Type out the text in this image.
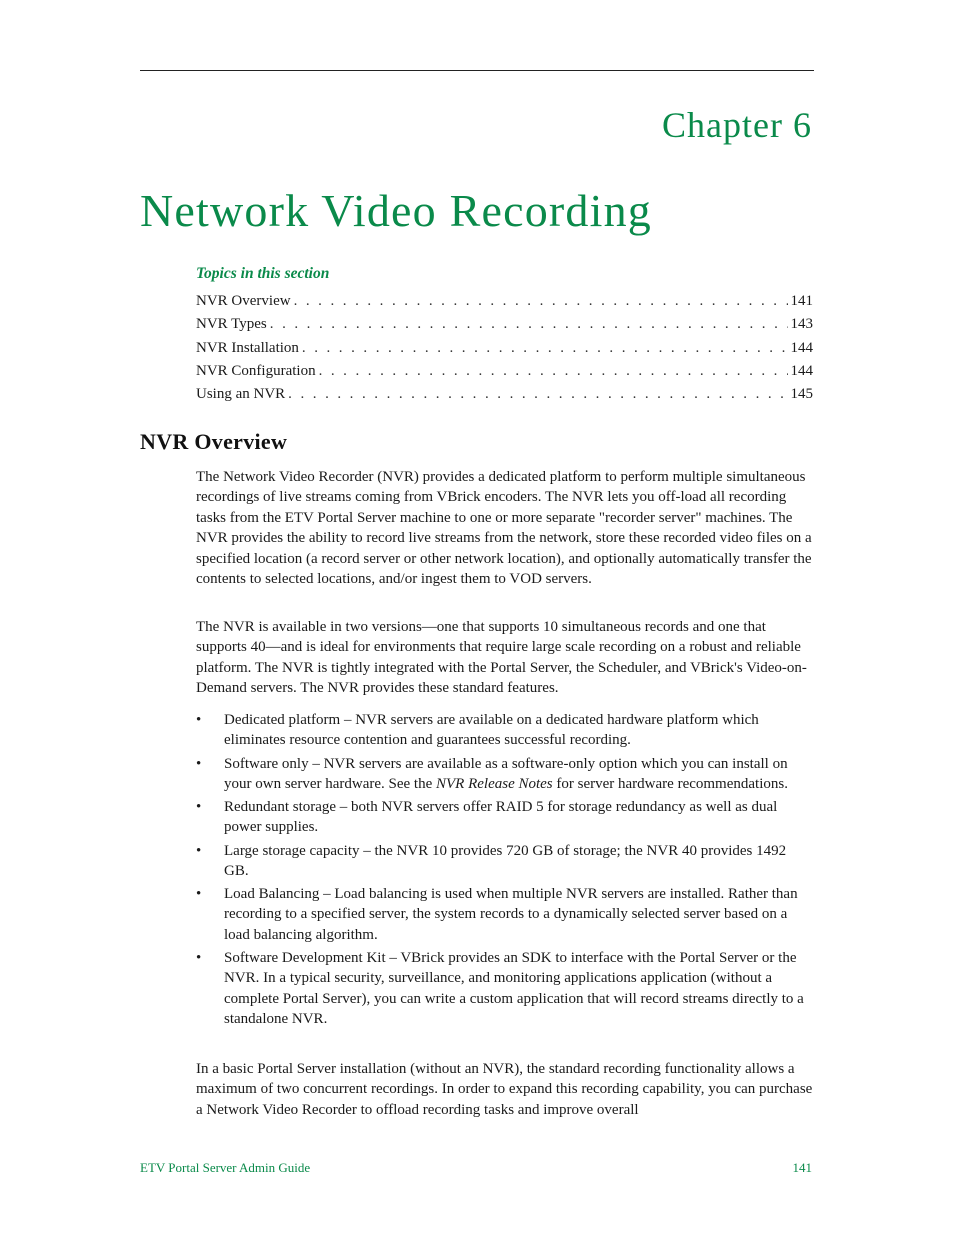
Chapter 6
Network Video Recording
Topics in this section
NVR Overview . . .	141
NVR Types . . .	143
NVR Installation . . .	144
NVR Configuration . . .	144
Using an NVR . . .	145
NVR Overview

The Network Video Recorder (NVR) provides a dedicated platform to perform multiple simultaneous recordings of live streams coming from VBrick encoders. The NVR lets you off-load all recording tasks from the ETV Portal Server machine to one or more separate "recorder server" machines. The NVR provides the ability to record live streams from the network, store these recorded video files on a specified location (a record server or other network location), and optionally automatically transfer the contents to selected locations, and/or ingest them to VOD servers.

The NVR is available in two versions—one that supports 10 simultaneous records and one that supports 40—and is ideal for environments that require large scale recording on a robust and reliable platform. The NVR is tightly integrated with the Portal Server, the Scheduler, and VBrick's Video-on-Demand servers. The NVR provides these standard features.

• Dedicated platform – NVR servers are available on a dedicated hardware platform which eliminates resource contention and guarantees successful recording.
• Software only – NVR servers are available as a software-only option which you can install on your own server hardware. See the NVR Release Notes for server hardware recommendations.
• Redundant storage – both NVR servers offer RAID 5 for storage redundancy as well as dual power supplies.
• Large storage capacity – the NVR 10 provides 720 GB of storage; the NVR 40 provides 1492 GB.
• Load Balancing – Load balancing is used when multiple NVR servers are installed. Rather than recording to a specified server, the system records to a dynamically selected server based on a load balancing algorithm.
• Software Development Kit – VBrick provides an SDK to interface with the Portal Server or the NVR. In a typical security, surveillance, and monitoring applications application (without a complete Portal Server), you can write a custom application that will record streams directly to a standalone NVR.

In a basic Portal Server installation (without an NVR), the standard recording functionality allows a maximum of two concurrent recordings. In order to expand this recording capability, you can purchase a Network Video Recorder to offload recording tasks and improve overall

ETV Portal Server Admin Guide	141
